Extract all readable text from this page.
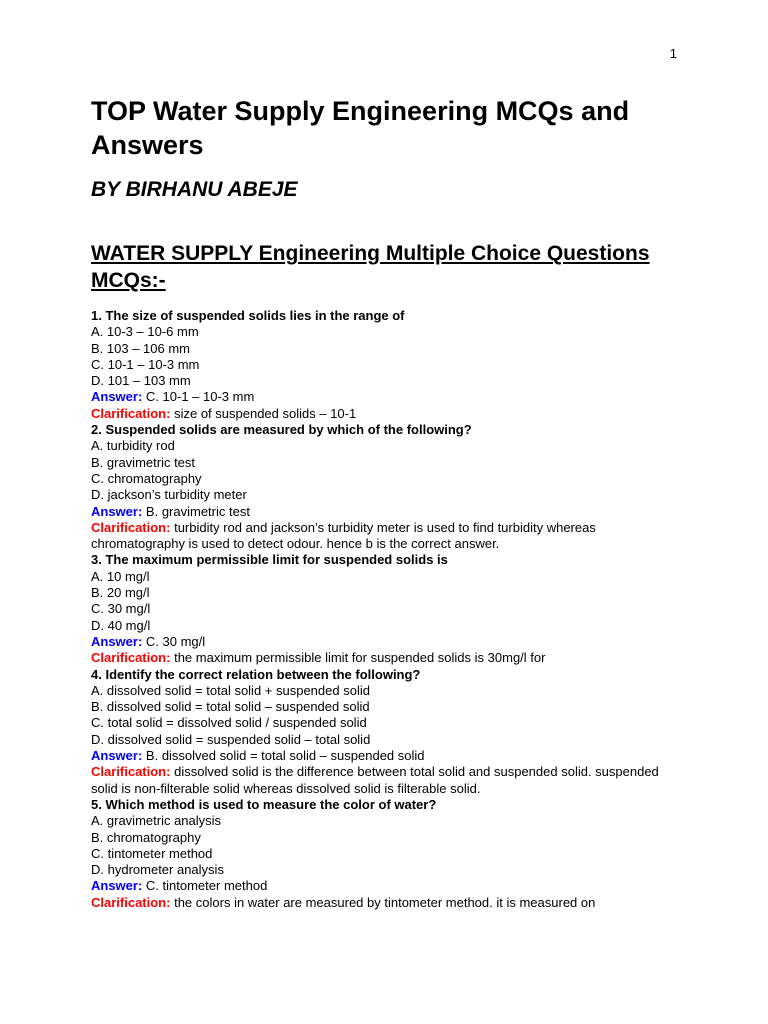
1
TOP Water Supply Engineering MCQs and Answers
BY BIRHANU ABEJE
WATER SUPPLY Engineering Multiple Choice Questions MCQs:-
1. The size of suspended solids lies in the range of
A. 10-3 – 10-6 mm
B. 103 – 106 mm
C. 10-1 – 10-3 mm
D. 101 – 103 mm
Answer: C. 10-1 – 10-3 mm
Clarification: size of suspended solids – 10-1
2. Suspended solids are measured by which of the following?
A. turbidity rod
B. gravimetric test
C. chromatography
D. jackson’s turbidity meter
Answer: B. gravimetric test
Clarification: turbidity rod and jackson’s turbidity meter is used to find turbidity whereas chromatography is used to detect odour. hence b is the correct answer.
3. The maximum permissible limit for suspended solids is
A. 10 mg/l
B. 20 mg/l
C. 30 mg/l
D. 40 mg/l
Answer: C. 30 mg/l
Clarification: the maximum permissible limit for suspended solids is 30mg/l for
4. Identify the correct relation between the following?
A. dissolved solid = total solid + suspended solid
B. dissolved solid = total solid – suspended solid
C. total solid = dissolved solid / suspended solid
D. dissolved solid = suspended solid – total solid
Answer: B. dissolved solid = total solid – suspended solid
Clarification: dissolved solid is the difference between total solid and suspended solid. suspended solid is non-filterable solid whereas dissolved solid is filterable solid.
5. Which method is used to measure the color of water?
A. gravimetric analysis
B. chromatography
C. tintometer method
D. hydrometer analysis
Answer: C. tintometer method
Clarification: the colors in water are measured by tintometer method. it is measured on
